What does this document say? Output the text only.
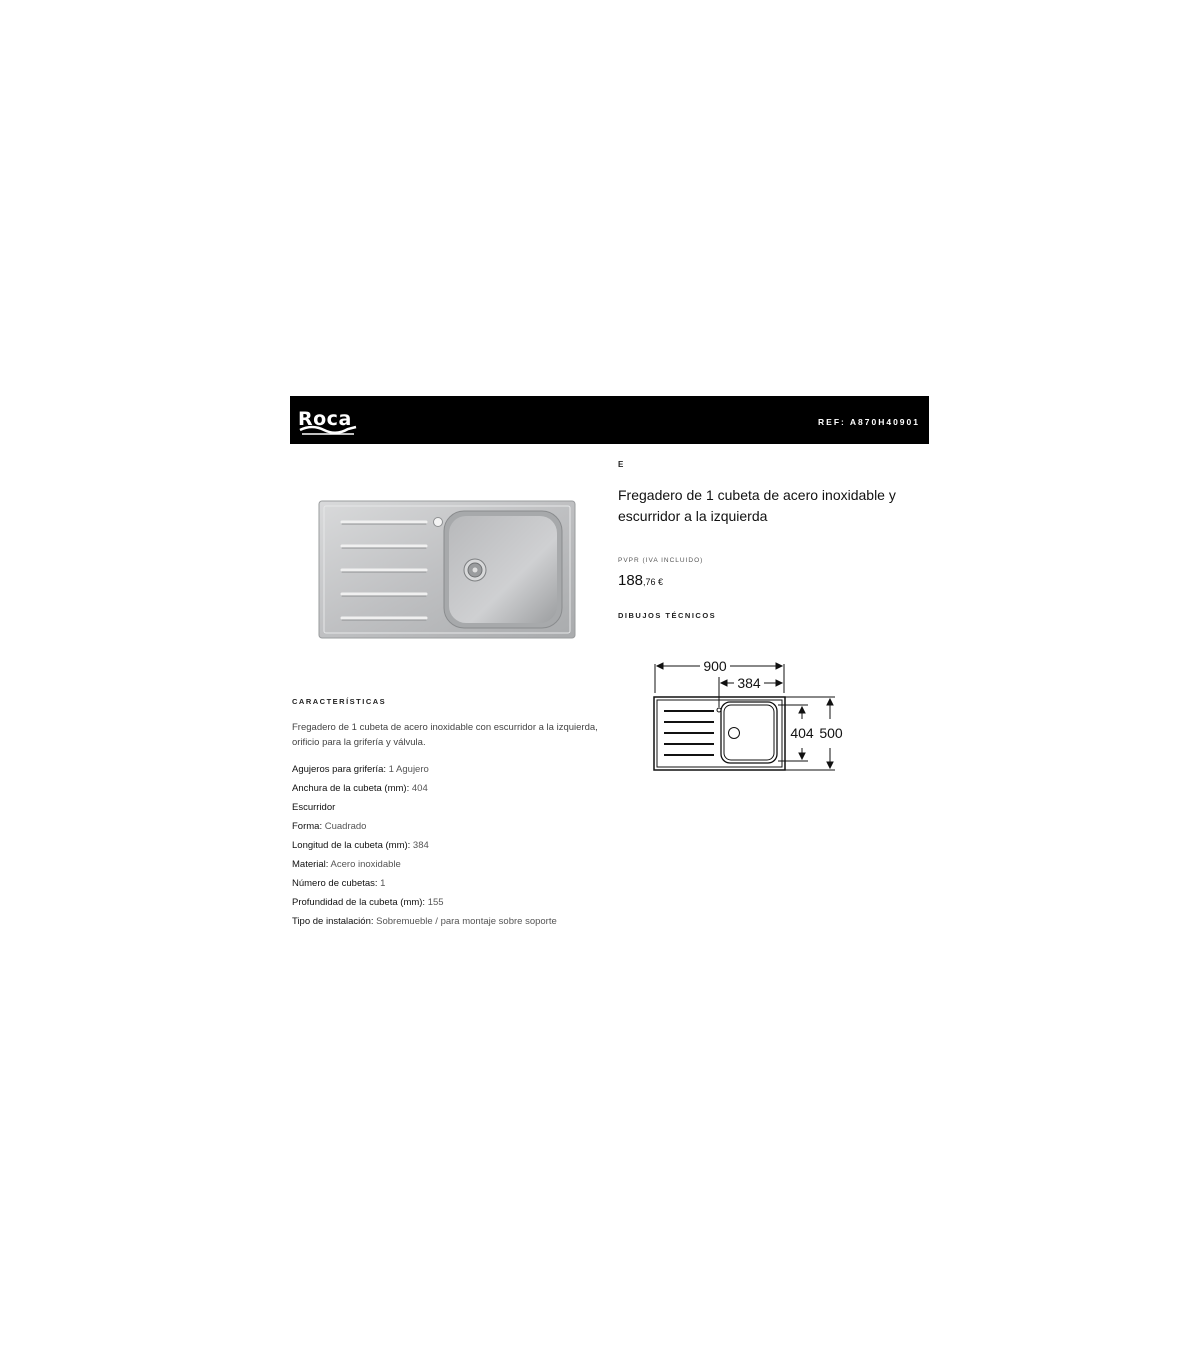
Roca	REF: A870H40901
E
Fregadero de 1 cubeta de acero inoxidable y escurridor a la izquierda
PVPR (IVA INCLUIDO)
188,76 €
DIBUJOS TÉCNICOS
900
384
404 500
CARACTERÍSTICAS
Fregadero de 1 cubeta de acero inoxidable con escurridor a la izquierda, orificio para la grifería y válvula.
Agujeros para grifería: 1 Agujero
Anchura de la cubeta (mm): 404
Escurridor
Forma: Cuadrado
Longitud de la cubeta (mm): 384
Material: Acero inoxidable
Número de cubetas: 1
Profundidad de la cubeta (mm): 155
Tipo de instalación: Sobremueble / para montaje sobre soporte
